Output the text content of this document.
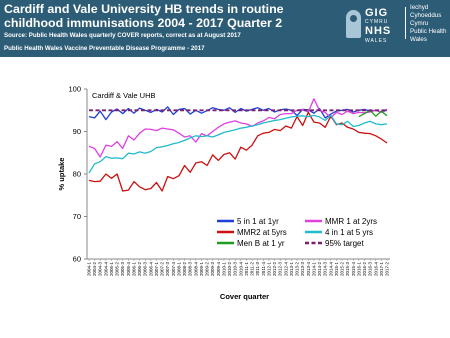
Cardiff and Vale University HB trends in routine childhood immunisations 2004 - 2017 Quarter 2
Source: Public Health Wales quarterly COVER reports, correct as at August 2017
Public Health Wales Vaccine Preventable Disease Programme - 2017
GIG
CYMRU
NHS
WALES
Iechyd Cyhoeddus
Cymru
Public Health
Wales
60
70
80
90
100
2004-1 2004-2 2004-3 2004-4 2005-1 2005-2 2005-3 2005-4 2006-1 2006-2 2006-3 2006-4 2007-1 2007-2 2007-3 2007-4 2008-1 2008-2 2008-3 2008-4 2009-1 2009-2 2009-3 2009-4 2010-1 2010-2 2010-3 2010-4 2011-1 2011-2 2011-3 2011-4 2012-1 2012-2 2012-3 2012-4 2013-1 2013-2 2013-3 2013-4 2014-1 2014-2 2014-3 2014-4 2015-1 2015-2 2015-3 2015-4 2016-1 2016-2 2016-3 2016-4 2017-1 2017-2
Cardiff & Vale UHB
% uptake
Cover quarter
5 in 1 at 1yr	MMR 1 at 2yrs
MMR2 at 5yrs	4 in 1 at 5 yrs
Men B at 1 yr	95% target
